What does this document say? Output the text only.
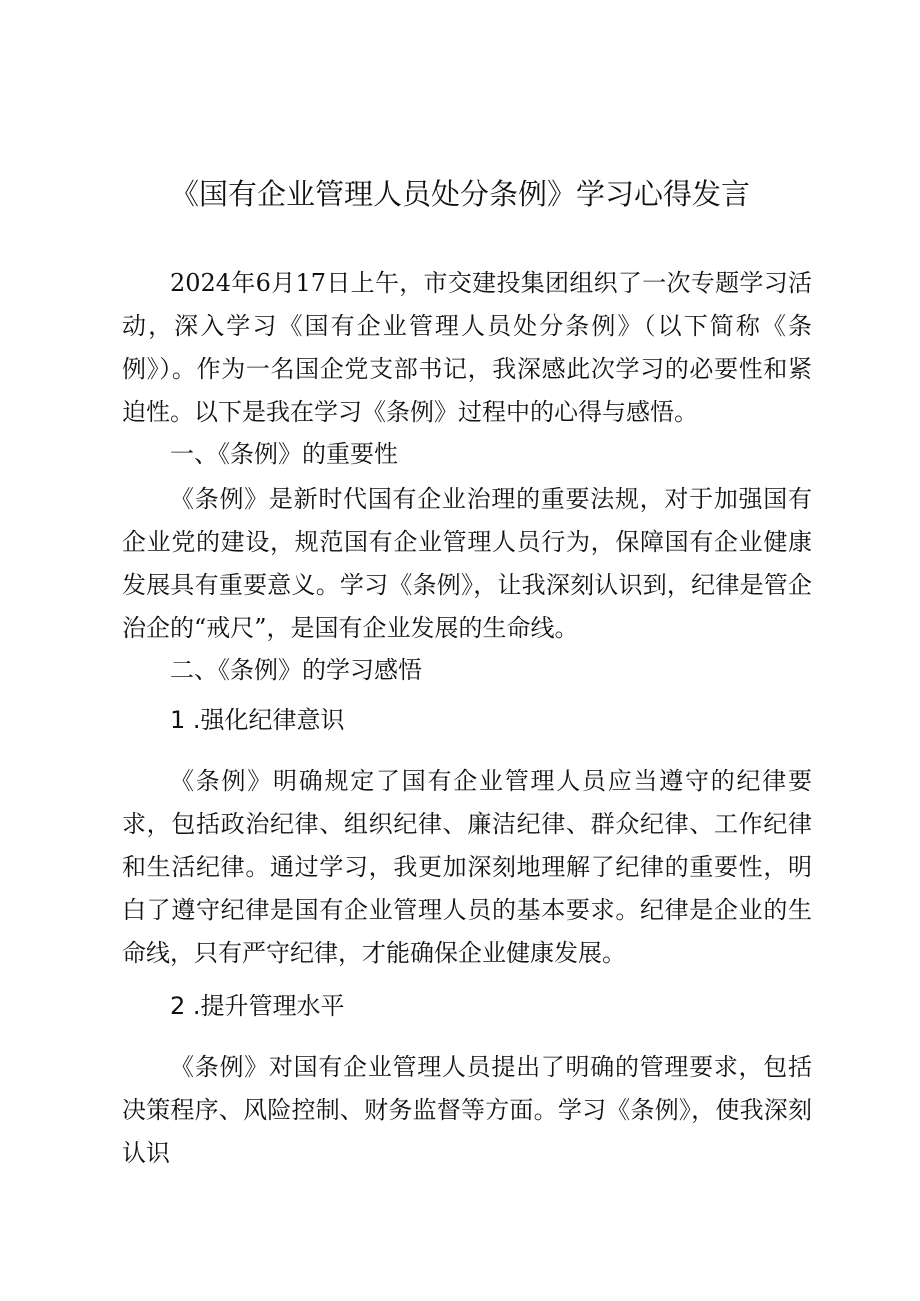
《国有企业管理人员处分条例》学习心得发言

2024年6月17日上午，市交建投集团组织了一次专题学习活动，深入学习《国有企业管理人员处分条例》（以下简称《条例》）。作为一名国企党支部书记，我深感此次学习的必要性和紧迫性。以下是我在学习《条例》过程中的心得与感悟。

一、《条例》的重要性

《条例》是新时代国有企业治理的重要法规，对于加强国有企业党的建设，规范国有企业管理人员行为，保障国有企业健康发展具有重要意义。学习《条例》，让我深刻认识到，纪律是管企治企的“戒尺”，是国有企业发展的生命线。

二、《条例》的学习感悟

1 .强化纪律意识

《条例》明确规定了国有企业管理人员应当遵守的纪律要求，包括政治纪律、组织纪律、廉洁纪律、群众纪律、工作纪律和生活纪律。通过学习，我更加深刻地理解了纪律的重要性，明白了遵守纪律是国有企业管理人员的基本要求。纪律是企业的生命线，只有严守纪律，才能确保企业健康发展。

2 .提升管理水平

《条例》对国有企业管理人员提出了明确的管理要求，包括决策程序、风险控制、财务监督等方面。学习《条例》，使我深刻认识
